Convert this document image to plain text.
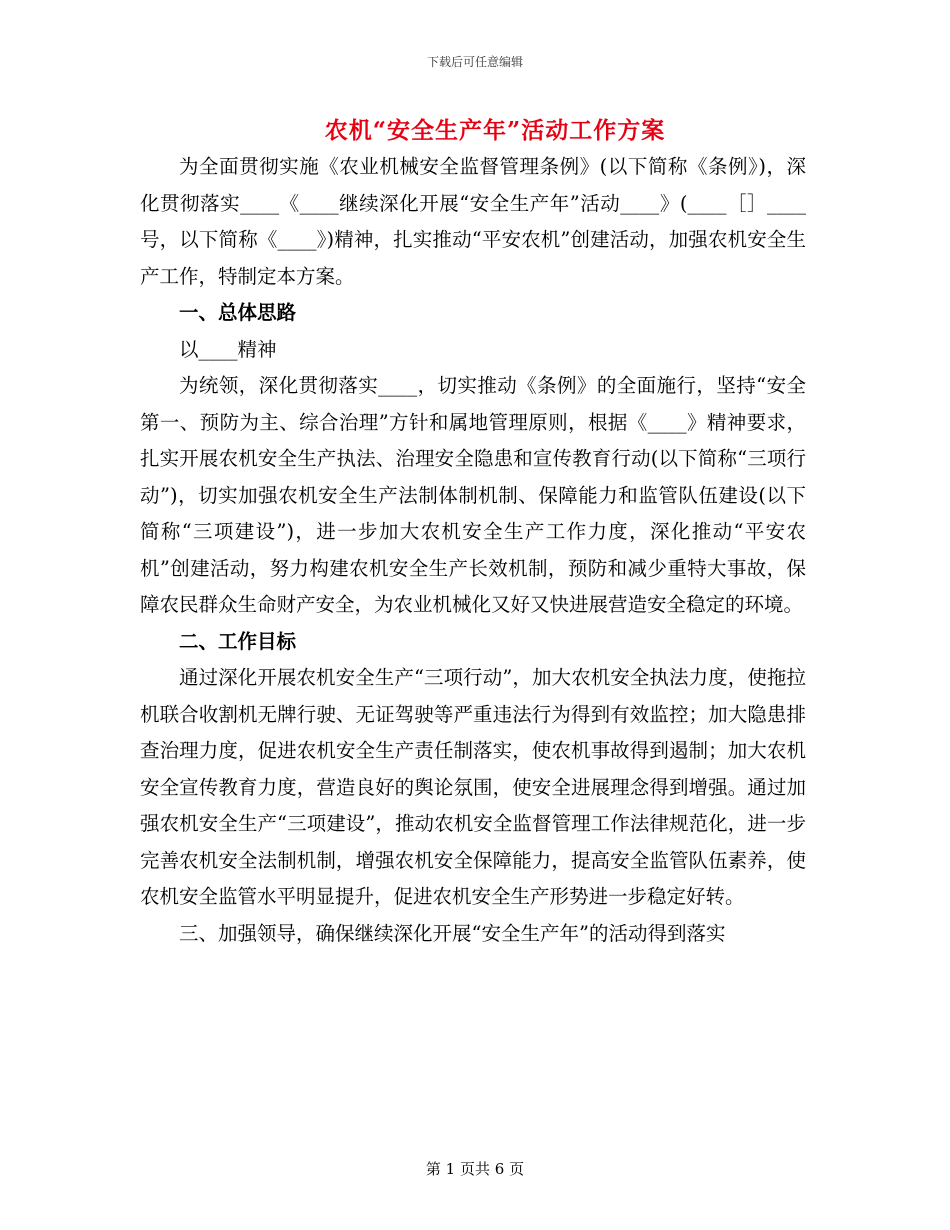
下载后可任意编辑
农机“安全生产年”活动工作方案

为全面贯彻实施《农业机械安全监督管理条例》(以下简称《条例》)，深化贯彻落实____《____继续深化开展“安全生产年”活动____》(____［］____号，以下简称《____》)精神，扎实推动“平安农机”创建活动，加强农机安全生产工作，特制定本方案。

一、总体思路

以____精神

为统领，深化贯彻落实____，切实推动《条例》的全面施行，坚持“安全第一、预防为主、综合治理”方针和属地管理原则，根据《____》精神要求，扎实开展农机安全生产执法、治理安全隐患和宣传教育行动(以下简称“三项行动”)，切实加强农机安全生产法制体制机制、保障能力和监管队伍建设(以下简称“三项建设”)，进一步加大农机安全生产工作力度，深化推动“平安农机”创建活动，努力构建农机安全生产长效机制，预防和减少重特大事故，保障农民群众生命财产安全，为农业机械化又好又快进展营造安全稳定的环境。

二、工作目标

通过深化开展农机安全生产“三项行动”，加大农机安全执法力度，使拖拉机联合收割机无牌行驶、无证驾驶等严重违法行为得到有效监控；加大隐患排查治理力度，促进农机安全生产责任制落实，使农机事故得到遏制；加大农机安全宣传教育力度，营造良好的舆论氛围，使安全进展理念得到增强。通过加强农机安全生产“三项建设”，推动农机安全监督管理工作法律规范化，进一步完善农机安全法制机制，增强农机安全保障能力，提高安全监管队伍素养，使农机安全监管水平明显提升，促进农机安全生产形势进一步稳定好转。

三、加强领导，确保继续深化开展“安全生产年”的活动得到落实

第 1 页共 6 页
